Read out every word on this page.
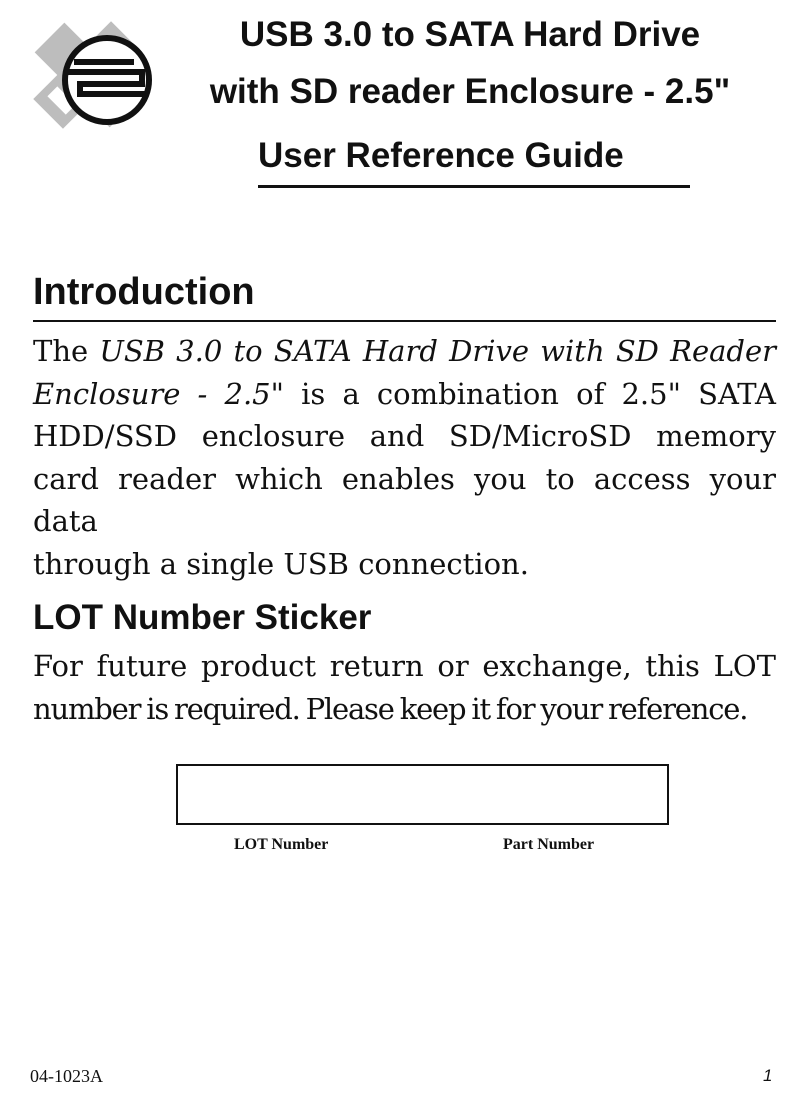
USB 3.0 to SATA Hard Drive
with SD reader Enclosure - 2.5"
User Reference Guide
Introduction
The USB 3.0 to SATA Hard Drive with SD Reader
Enclosure - 2.5" is a combination of 2.5" SATA
HDD/SSD enclosure and SD/MicroSD memory
card reader which enables you to access your data
through a single USB connection.
LOT Number Sticker
For future product return or exchange, this LOT
number is required. Please keep it for your reference.
LOT Number	Part Number
04-1023A	1
